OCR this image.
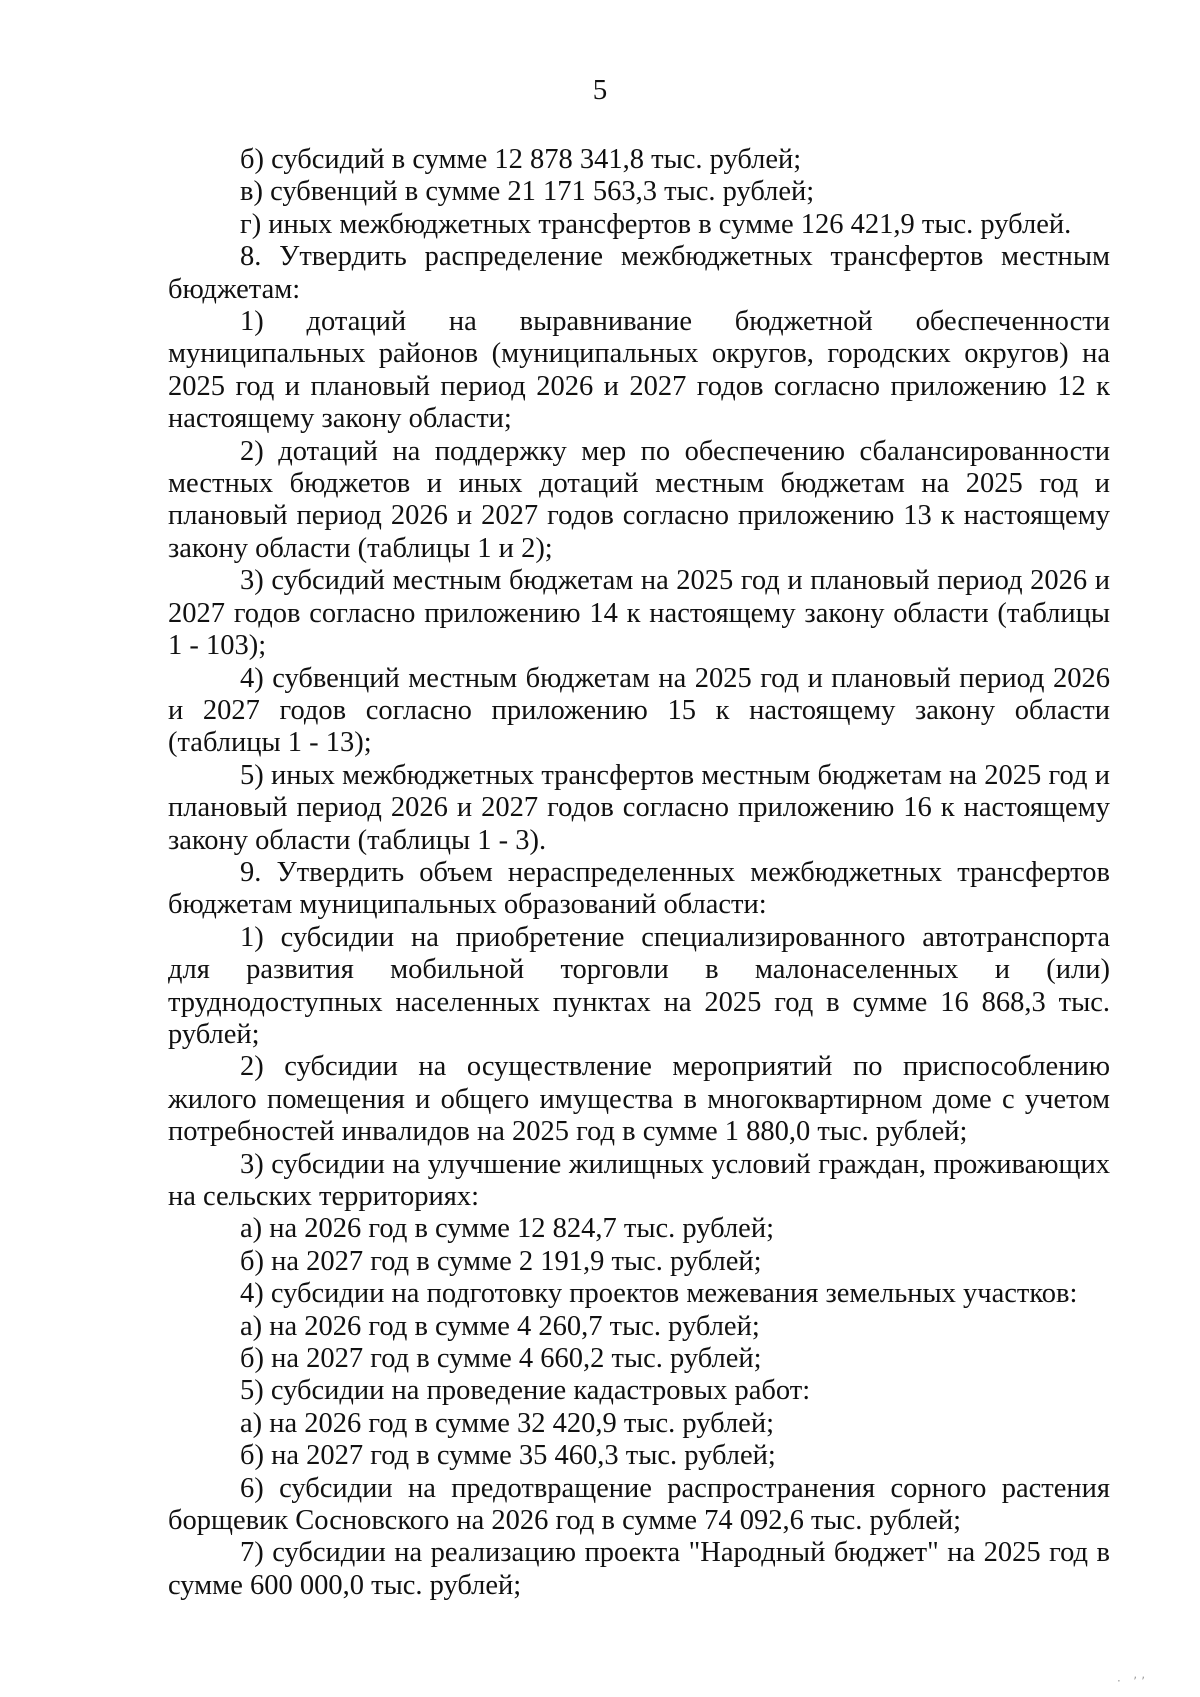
5

б) субсидий в сумме 12 878 341,8 тыс. рублей;

в) субвенций в сумме 21 171 563,3 тыс. рублей;

г) иных межбюджетных трансфертов в сумме 126 421,9 тыс. рублей.

8. Утвердить распределение межбюджетных трансфертов местным бюджетам:

1) дотаций на выравнивание бюджетной обеспеченности муниципальных районов (муниципальных округов, городских округов) на 2025 год и плановый период 2026 и 2027 годов согласно приложению 12 к настоящему закону области;

2) дотаций на поддержку мер по обеспечению сбалансированности местных бюджетов и иных дотаций местным бюджетам на 2025 год и плановый период 2026 и 2027 годов согласно приложению 13 к настоящему закону области (таблицы 1 и 2);

3) субсидий местным бюджетам на 2025 год и плановый период 2026 и 2027 годов согласно приложению 14 к настоящему закону области (таблицы 1 - 103);

4) субвенций местным бюджетам на 2025 год и плановый период 2026 и 2027 годов согласно приложению 15 к настоящему закону области (таблицы 1 - 13);

5) иных межбюджетных трансфертов местным бюджетам на 2025 год и плановый период 2026 и 2027 годов согласно приложению 16 к настоящему закону области (таблицы 1 - 3).

9. Утвердить объем нераспределенных межбюджетных трансфертов бюджетам муниципальных образований области:

1) субсидии на приобретение специализированного автотранспорта для развития мобильной торговли в малонаселенных и (или) труднодоступных населенных пунктах на 2025 год в сумме 16 868,3 тыс. рублей;

2) субсидии на осуществление мероприятий по приспособлению жилого помещения и общего имущества в многоквартирном доме с учетом потребностей инвалидов на 2025 год в сумме 1 880,0 тыс. рублей;

3) субсидии на улучшение жилищных условий граждан, проживающих на сельских территориях:

а) на 2026 год в сумме 12 824,7 тыс. рублей;

б) на 2027 год в сумме 2 191,9 тыс. рублей;

4) субсидии на подготовку проектов межевания земельных участков:

а) на 2026 год в сумме 4 260,7 тыс. рублей;

б) на 2027 год в сумме 4 660,2 тыс. рублей;

5) субсидии на проведение кадастровых работ:

а) на 2026 год в сумме 32 420,9 тыс. рублей;

б) на 2027 год в сумме 35 460,3 тыс. рублей;

6) субсидии на предотвращение распространения сорного растения борщевик Сосновского на 2026 год в сумме 74 092,6 тыс. рублей;

7) субсидии на реализацию проекта "Народный бюджет" на 2025 год в сумме 600 000,0 тыс. рублей;

· ʼʼ
